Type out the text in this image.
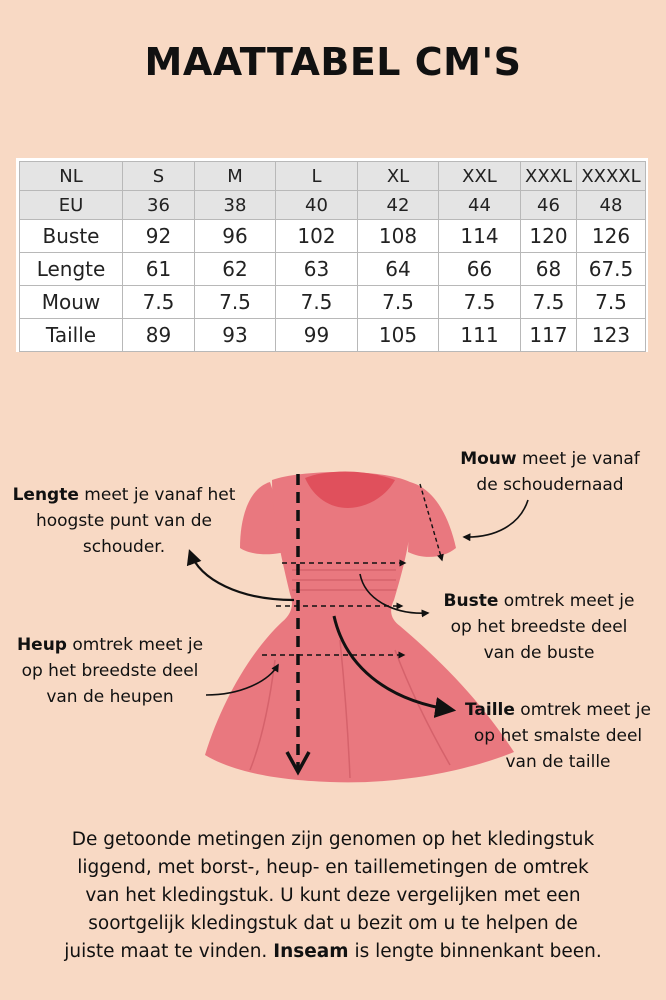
MAATTABEL CM'S
NL	S	M	L	XL	XXL	XXXL	XXXXL
EU	36	38	40	42	44	46	48
Buste	92	96	102	108	114	120	126
Lengte	61	62	63	64	66	68	67.5
Mouw	7.5	7.5	7.5	7.5	7.5	7.5	7.5
Taille	89	93	99	105	111	117	123
Lengte meet je vanaf het
hoogste punt van de
schouder.
Mouw meet je vanaf
de schoudernaad
Buste omtrek meet je
op het breedste deel
van de buste
Heup omtrek meet je
op het breedste deel
van de heupen
Taille omtrek meet je
op het smalste deel
van de taille
De getoonde metingen zijn genomen op het kledingstuk
liggend, met borst-, heup- en taillemetingen de omtrek
van het kledingstuk. U kunt deze vergelijken met een
soortgelijk kledingstuk dat u bezit om u te helpen de
juiste maat te vinden. Inseam is lengte binnenkant been.
